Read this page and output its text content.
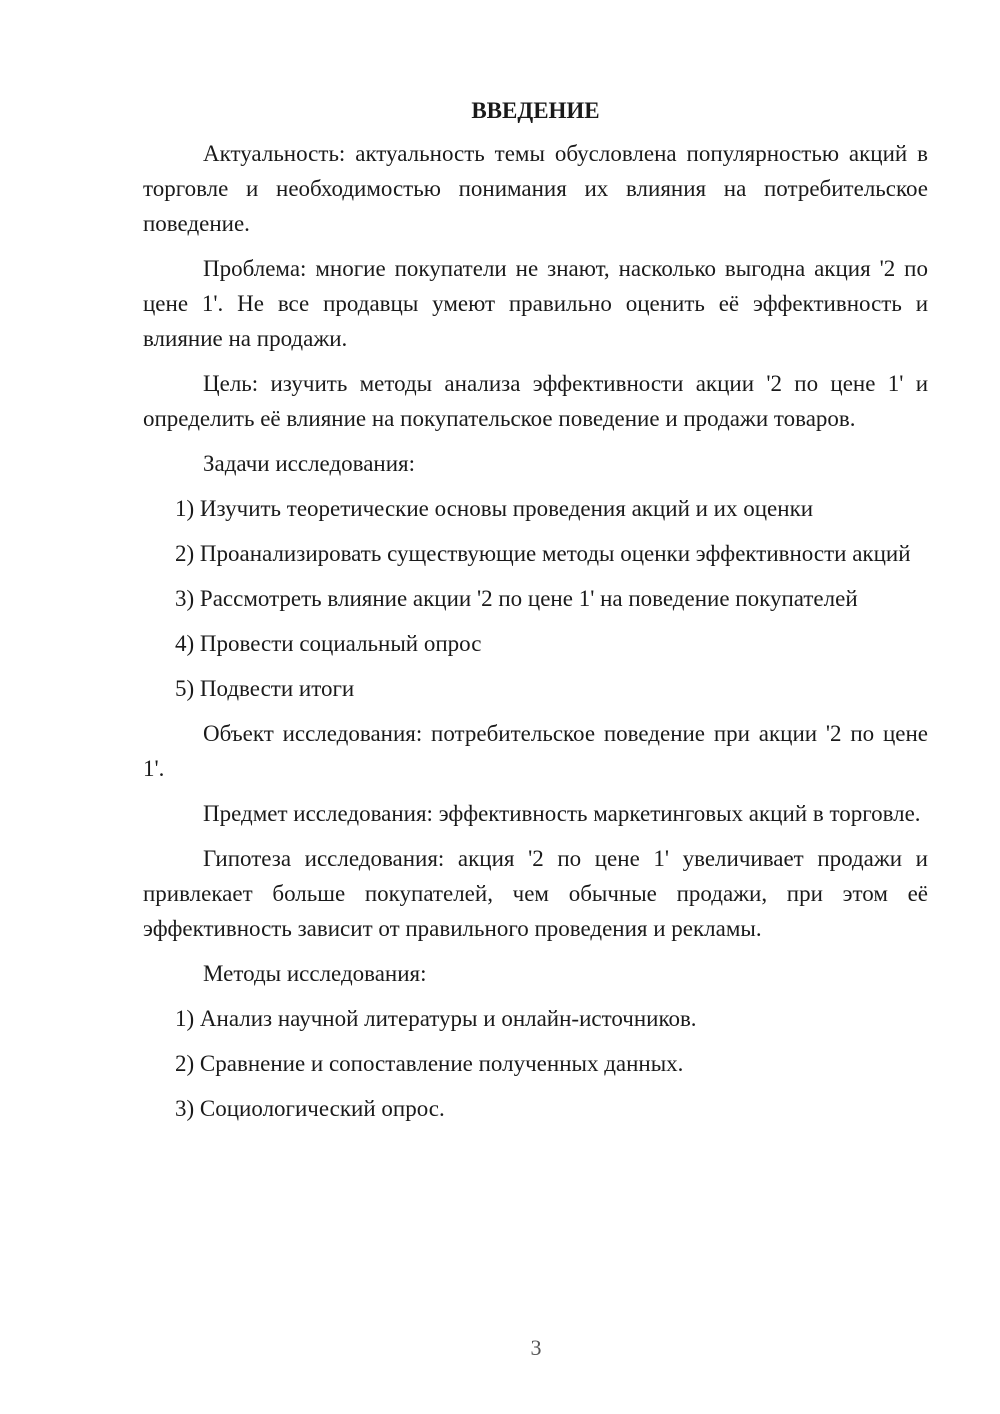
ВВЕДЕНИЕ

Актуальность: актуальность темы обусловлена популярностью акций в торговле и необходимостью понимания их влияния на потребительское поведение.

Проблема: многие покупатели не знают, насколько выгодна акция '2 по цене 1'. Не все продавцы умеют правильно оценить её эффективность и влияние на продажи.

Цель: изучить методы анализа эффективности акции '2 по цене 1' и определить её влияние на покупательское поведение и продажи товаров.

Задачи исследования:

1) Изучить теоретические основы проведения акций и их оценки

2) Проанализировать существующие методы оценки эффективности акций

3) Рассмотреть влияние акции '2 по цене 1' на поведение покупателей

4) Провести социальный опрос

5) Подвести итоги

Объект исследования: потребительское поведение при акции '2 по цене 1'.

Предмет исследования: эффективность маркетинговых акций в торговле.

Гипотеза исследования: акция '2 по цене 1' увеличивает продажи и привлекает больше покупателей, чем обычные продажи, при этом её эффективность зависит от правильного проведения и рекламы.

Методы исследования:

1) Анализ научной литературы и онлайн-источников.

2) Сравнение и сопоставление полученных данных.

3) Социологический опрос.

3
